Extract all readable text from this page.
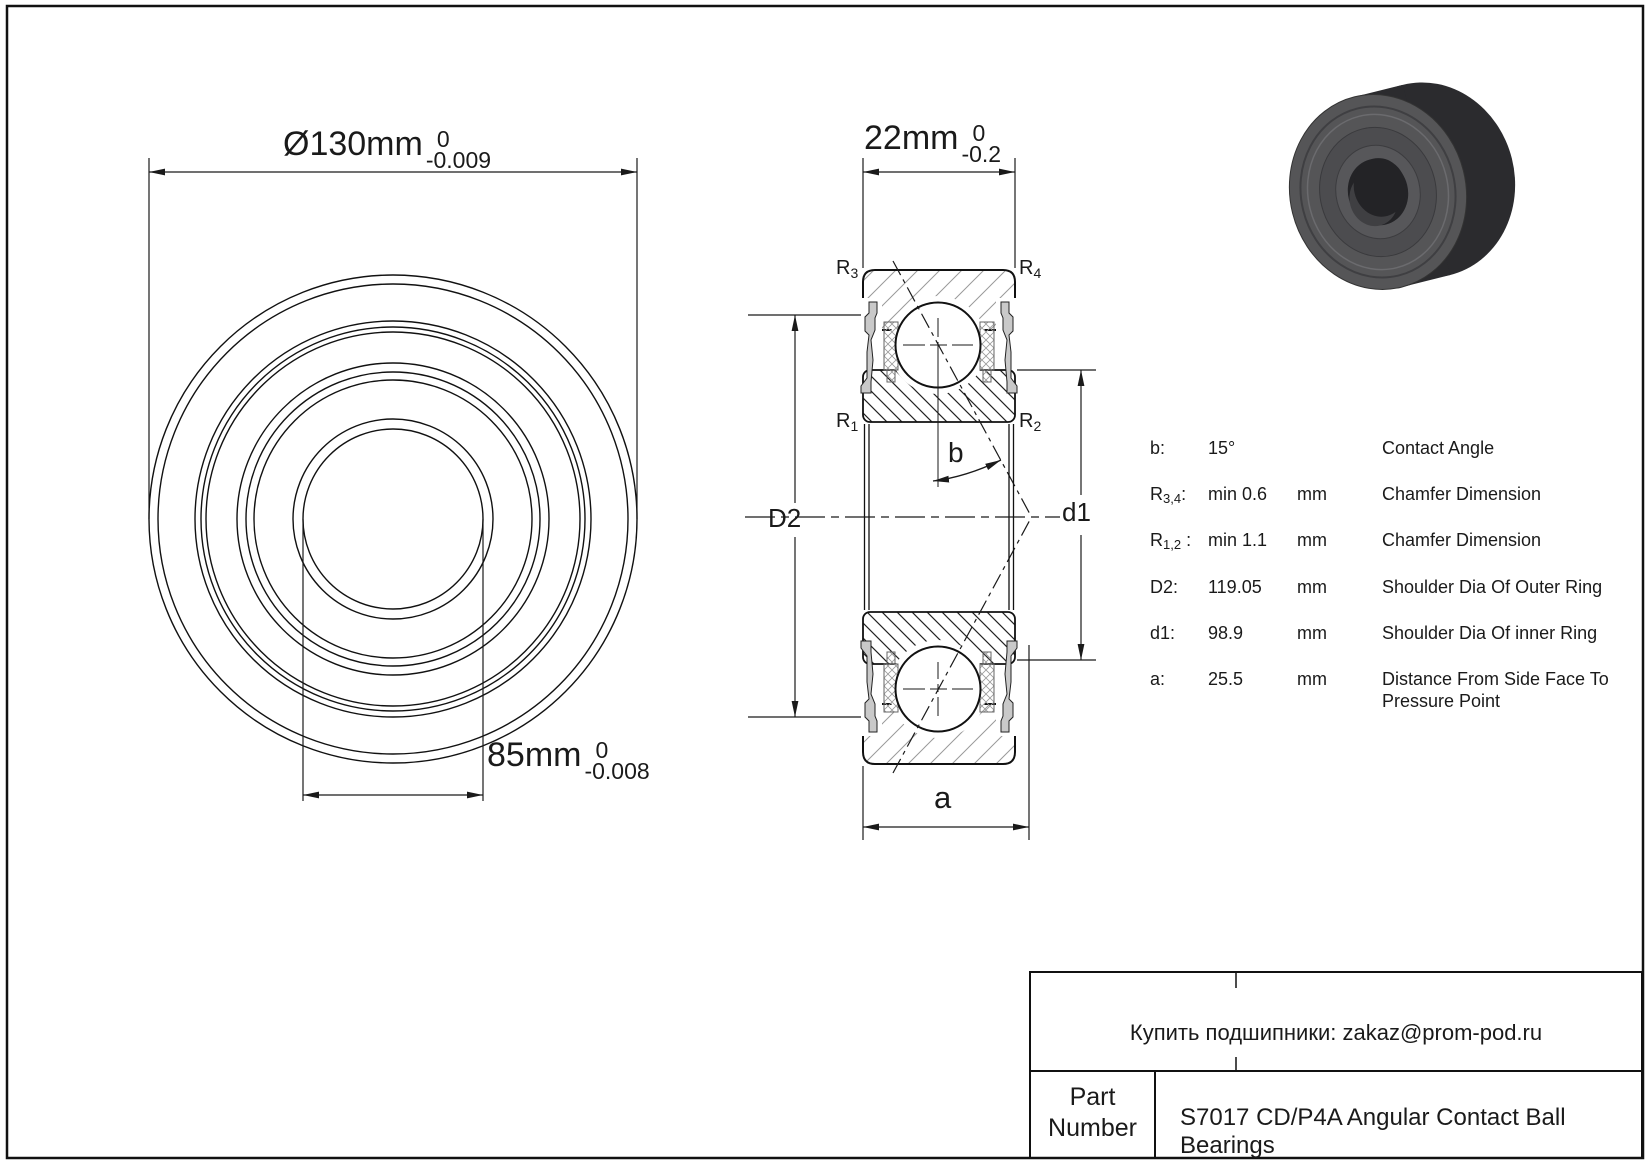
Ø130mm 0
-0.009
85mm 0
-0.008
22mm 0
-0.2
$R_3$	$R_4$
$R_1$	$R_2$
D2	d1
b
a
b: 15°	Contact Angle
$R_{3,4}$: min 0.6 mm	Chamfer Dimension
$R_{1,2}$ : min 1.1 mm	Chamfer Dimension
D2: 119.05 mm	Shoulder Dia Of Outer Ring
d1: 98.9	mm	Shoulder Dia Of inner Ring
a: 25.5	mm	Distance From Side Face To Pressure Point
Купить подшипники: zakaz@prom-pod.ru
Part
Number	S7017 CD/P4A Angular Contact Ball Bearings
